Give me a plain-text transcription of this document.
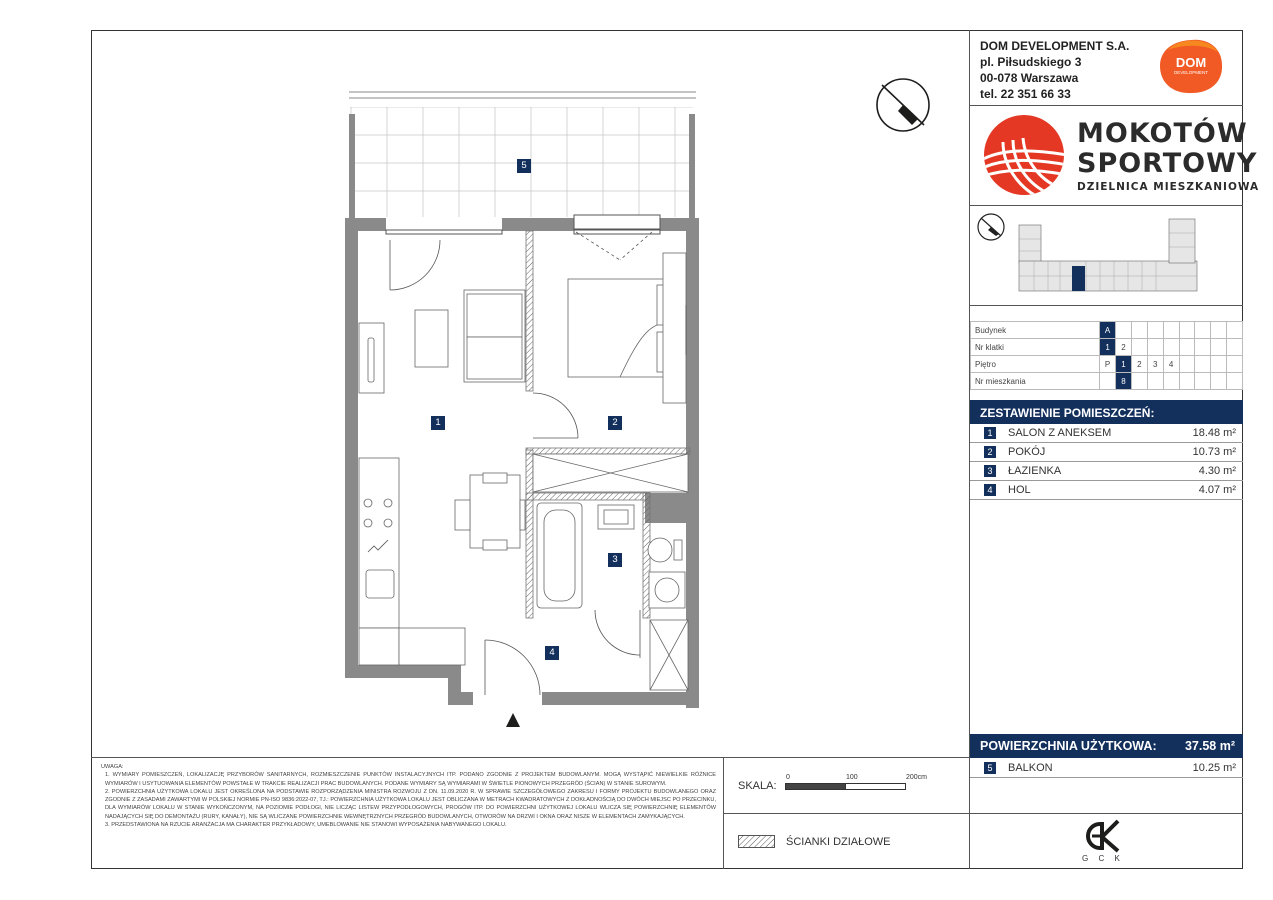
DOM DEVELOPMENT S.A.
pl. Piłsudskiego 3
00-078 Warszawa
tel. 22 351 66 33
DOM
DEVELOPMENT
MOKOTÓW
SPORTOWY
DZIELNICA MIESZKANIOWA
Budynek	A								
Nr klatki	1	2							
Piętro	P	1	2	3	4				
Nr mieszkania		8							
ZESTAWIENIE POMIESZCZEŃ:
1	SALON Z ANEKSEM	18.48 m²
2	POKÓJ	10.73 m²
3	ŁAZIENKA	4.30 m²
4	HOL	4.07 m²
POWIERZCHNIA UŻYTKOWA: 37.58 m²
5	BALKON	10.25 m²
G C K
UWAGA:
1. WYMIARY POMIESZCZEŃ, LOKALIZACJĘ PRZYBORÓW SANITARNYCH, ROZMIESZCZENIE PUNKTÓW INSTALACYJNYCH ITP. PODANO ZGODNIE Z PROJEKTEM BUDOWLANYM. MOGĄ WYSTĄPIĆ NIEWIELKIE RÓŻNICE WYMIARÓW I USYTUOWANIA ELEMENTÓW POWSTAŁE W TRAKCIE REALIZACJI PRAC BUDOWLANYCH. PODANE WYMIARY SĄ WYMIARAMI W ŚWIETLE PIONOWYCH PRZEGRÓD (ŚCIAN) W STANIE SUROWYM.
2. POWIERZCHNIA UŻYTKOWA LOKALU JEST OKREŚLONA NA PODSTAWIE ROZPORZĄDZENIA MINISTRA ROZWOJU Z DN. 11.09.2020 R. W SPRAWIE SZCZEGÓŁOWEGO ZAKRESU I FORMY PROJEKTU BUDOWLANEGO ORAZ ZGODNIE Z ZASADAMI ZAWARTYMI W POLSKIEJ NORMIE PN-ISO 9836:2022-07, TJ.: POWIERZCHNIA UŻYTKOWA LOKALU JEST OBLICZANA W METRACH KWADRATOWYCH Z DOKŁADNOŚCIĄ DO DWÓCH MIEJSC PO PRZECINKU, DLA WYMIARÓW LOKALU W STANIE WYKOŃCZONYM, NA POZIOMIE PODŁOGI, NIE LICZĄC LISTEW PRZYPODŁOGOWYCH, PROGÓW ITP. DO POWIERZCHNI UŻYTKOWEJ LOKALU WLICZA SIĘ POWIERZCHNIĘ ELEMENTÓW NADAJĄCYCH SIĘ DO DEMONTAŻU (RURY, KANAŁY), NIE SĄ WLICZANE POWIERZCHNIE WEWNĘTRZNYCH PRZEGRÓD BUDOWLANYCH, OTWORÓW NA DRZWI I OKNA ORAZ NISZE W ELEMENTACH ZAMYKAJĄCYCH.
3. PRZEDSTAWIONA NA RZUCIE ARANŻACJA MA CHARAKTER PRZYKŁADOWY, UMEBLOWANIE NIE STANOWI WYPOSAŻENIA NABYWANEGO LOKALU.
SKALA:
0	100	200cm
ŚCIANKI DZIAŁOWE
5
1	2
3
4
